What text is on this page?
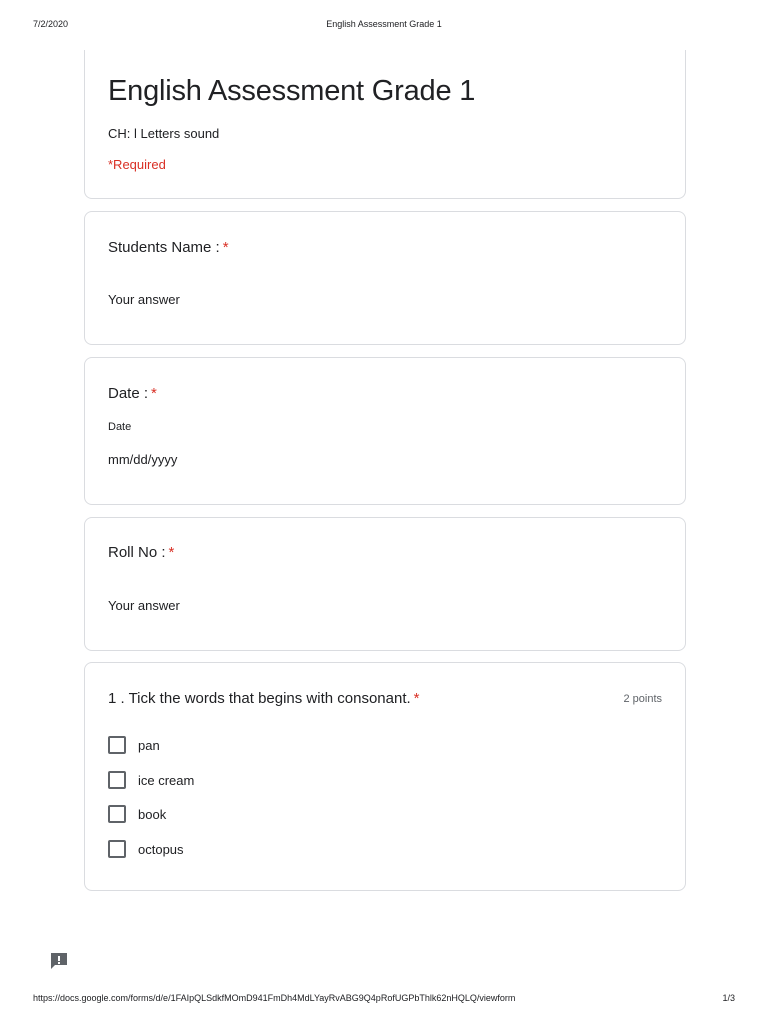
7/2/2020	English Assessment Grade 1
English Assessment Grade 1
CH: l Letters sound
*Required
Students Name : *
Your answer
Date : *
Date
mm/dd/yyyy
Roll No : *
Your answer
1 . Tick the words that begins with consonant. *	2 points
pan
ice cream
book
octopus
https://docs.google.com/forms/d/e/1FAIpQLSdkfMOmD941FmDh4MdLYayRvABG9Q4pRofUGPbThlk62nHQLQ/viewform	1/3
